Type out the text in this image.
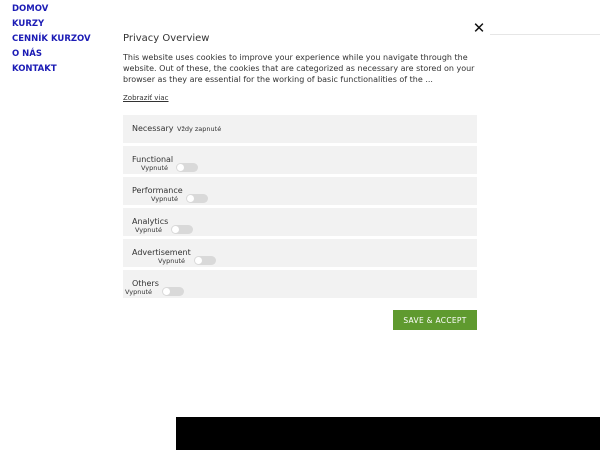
DOMOV
KURZY
CENNÍK KURZOV
O NÁS
KONTAKT
✕
Privacy Overview
This website uses cookies to improve your experience while you navigate through the website. Out of these, the cookies that are categorized as necessary are stored on your browser as they are essential for the working of basic functionalities of the ...
Zobraziť viac
Necessary Vždy zapnuté
Functional
Vypnuté
Performance
Vypnuté
Analytics
Vypnuté
Advertisement
Vypnuté
Others
Vypnuté
SAVE & ACCEPT
